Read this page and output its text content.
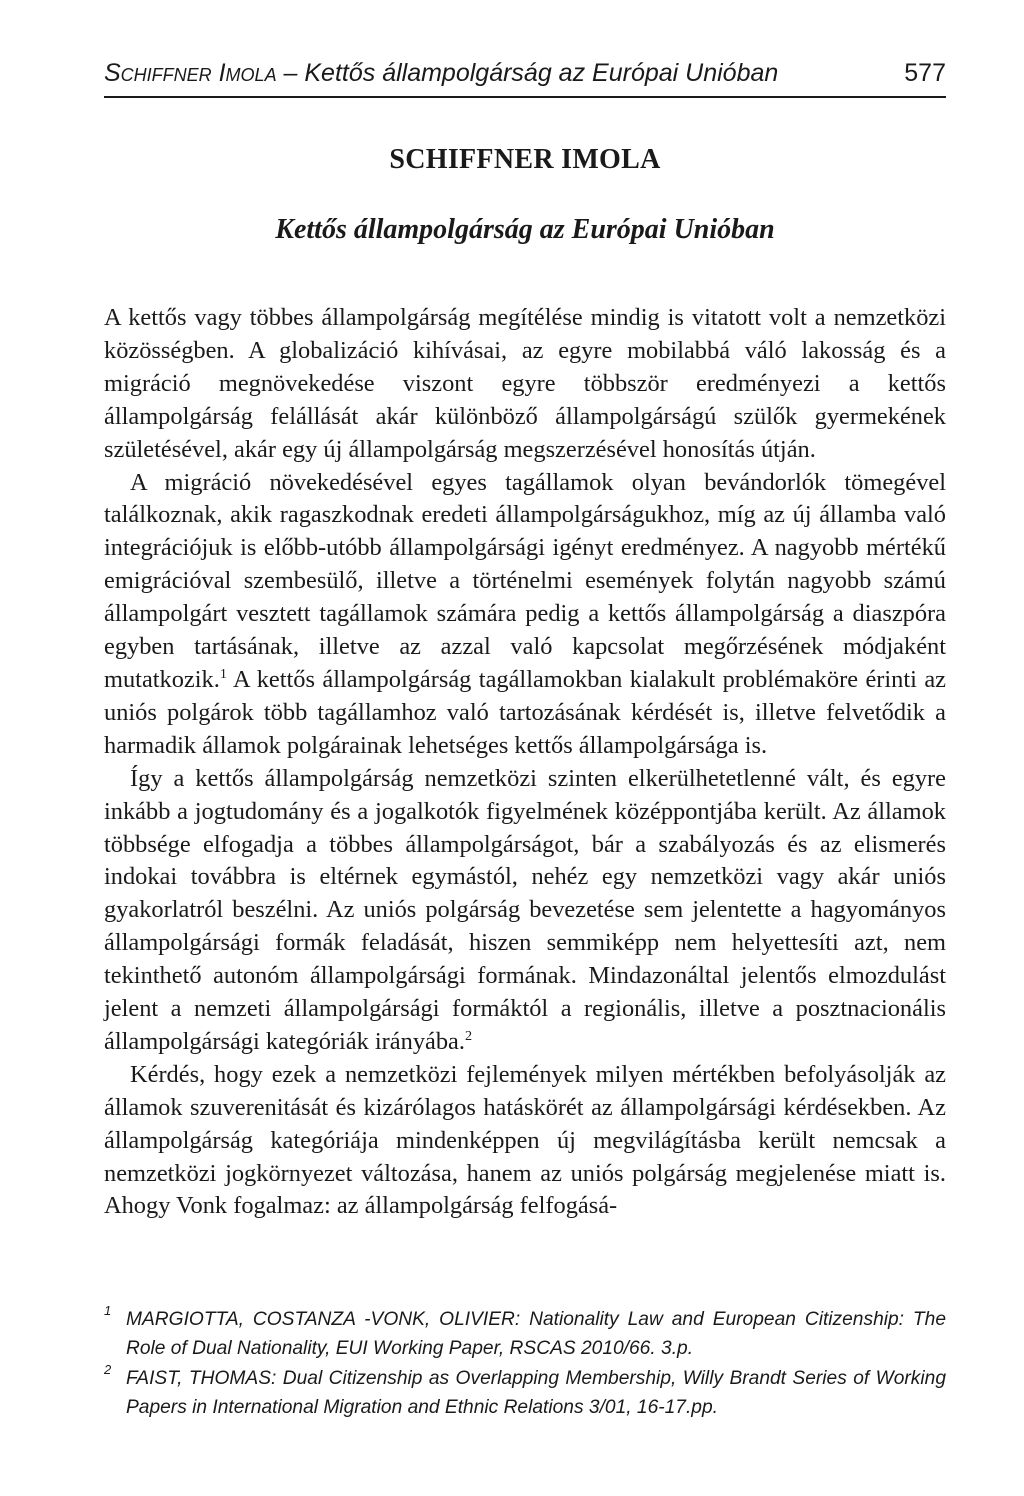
Schiffner Imola – Kettős állampolgárság az Európai Unióban	577
SCHIFFNER IMOLA
Kettős állampolgárság az Európai Unióban

A kettős vagy többes állampolgárság megítélése mindig is vitatott volt a nemzetközi közösségben. A globalizáció kihívásai, az egyre mobilabbá váló lakosság és a migráció megnövekedése viszont egyre többször eredményezi a kettős állampolgárság felállását akár különböző állampolgárságú szülők gyermekének születésével, akár egy új állampolgárság megszerzésével honosítás útján.

A migráció növekedésével egyes tagállamok olyan bevándorlók tömegével találkoznak, akik ragaszkodnak eredeti állampolgárságukhoz, míg az új államba való integrációjuk is előbb-utóbb állampolgársági igényt eredményez. A nagyobb mértékű emigrációval szembesülő, illetve a történelmi események folytán nagyobb számú állampolgárt vesztett tagállamok számára pedig a kettős állampolgárság a diaszpóra egyben tartásának, illetve az azzal való kapcsolat megőrzésének módjaként mutatkozik.$^1$ A kettős állampolgárság tagállamokban kialakult problémaköre érinti az uniós polgárok több tagállamhoz való tartozásának kérdését is, illetve felvetődik a harmadik államok polgárainak lehetséges kettős állampolgársága is.

Így a kettős állampolgárság nemzetközi szinten elkerülhetetlenné vált, és egyre inkább a jogtudomány és a jogalkotók figyelmének középpontjába került. Az államok többsége elfogadja a többes állampolgárságot, bár a szabályozás és az elismerés indokai továbbra is eltérnek egymástól, nehéz egy nemzetközi vagy akár uniós gyakorlatról beszélni. Az uniós polgárság bevezetése sem jelentette a hagyományos állampolgársági formák feladását, hiszen semmiképp nem helyettesíti azt, nem tekinthető autonóm állampolgársági formának. Mindazonáltal jelentős elmozdulást jelent a nemzeti állampolgársági formáktól a regionális, illetve a posztnacionális állampolgársági kategóriák irányába.$^2$

Kérdés, hogy ezek a nemzetközi fejlemények milyen mértékben befolyásolják az államok szuverenitását és kizárólagos hatáskörét az állampolgársági kérdésekben. Az állampolgárság kategóriája mindenképpen új megvilágításba került nemcsak a nemzetközi jogkörnyezet változása, hanem az uniós polgárság megjelenése miatt is. Ahogy Vonk fogalmaz: az állampolgárság felfogásá-

1 MARGIOTTA, COSTANZA -VONK, OLIVIER: Nationality Law and European Citizenship: The Role of Dual Nationality, EUI Working Paper, RSCAS 2010/66. 3.p.

2 FAIST, THOMAS: Dual Citizenship as Overlapping Membership, Willy Brandt Series of Working Papers in International Migration and Ethnic Relations 3/01, 16-17.pp.
